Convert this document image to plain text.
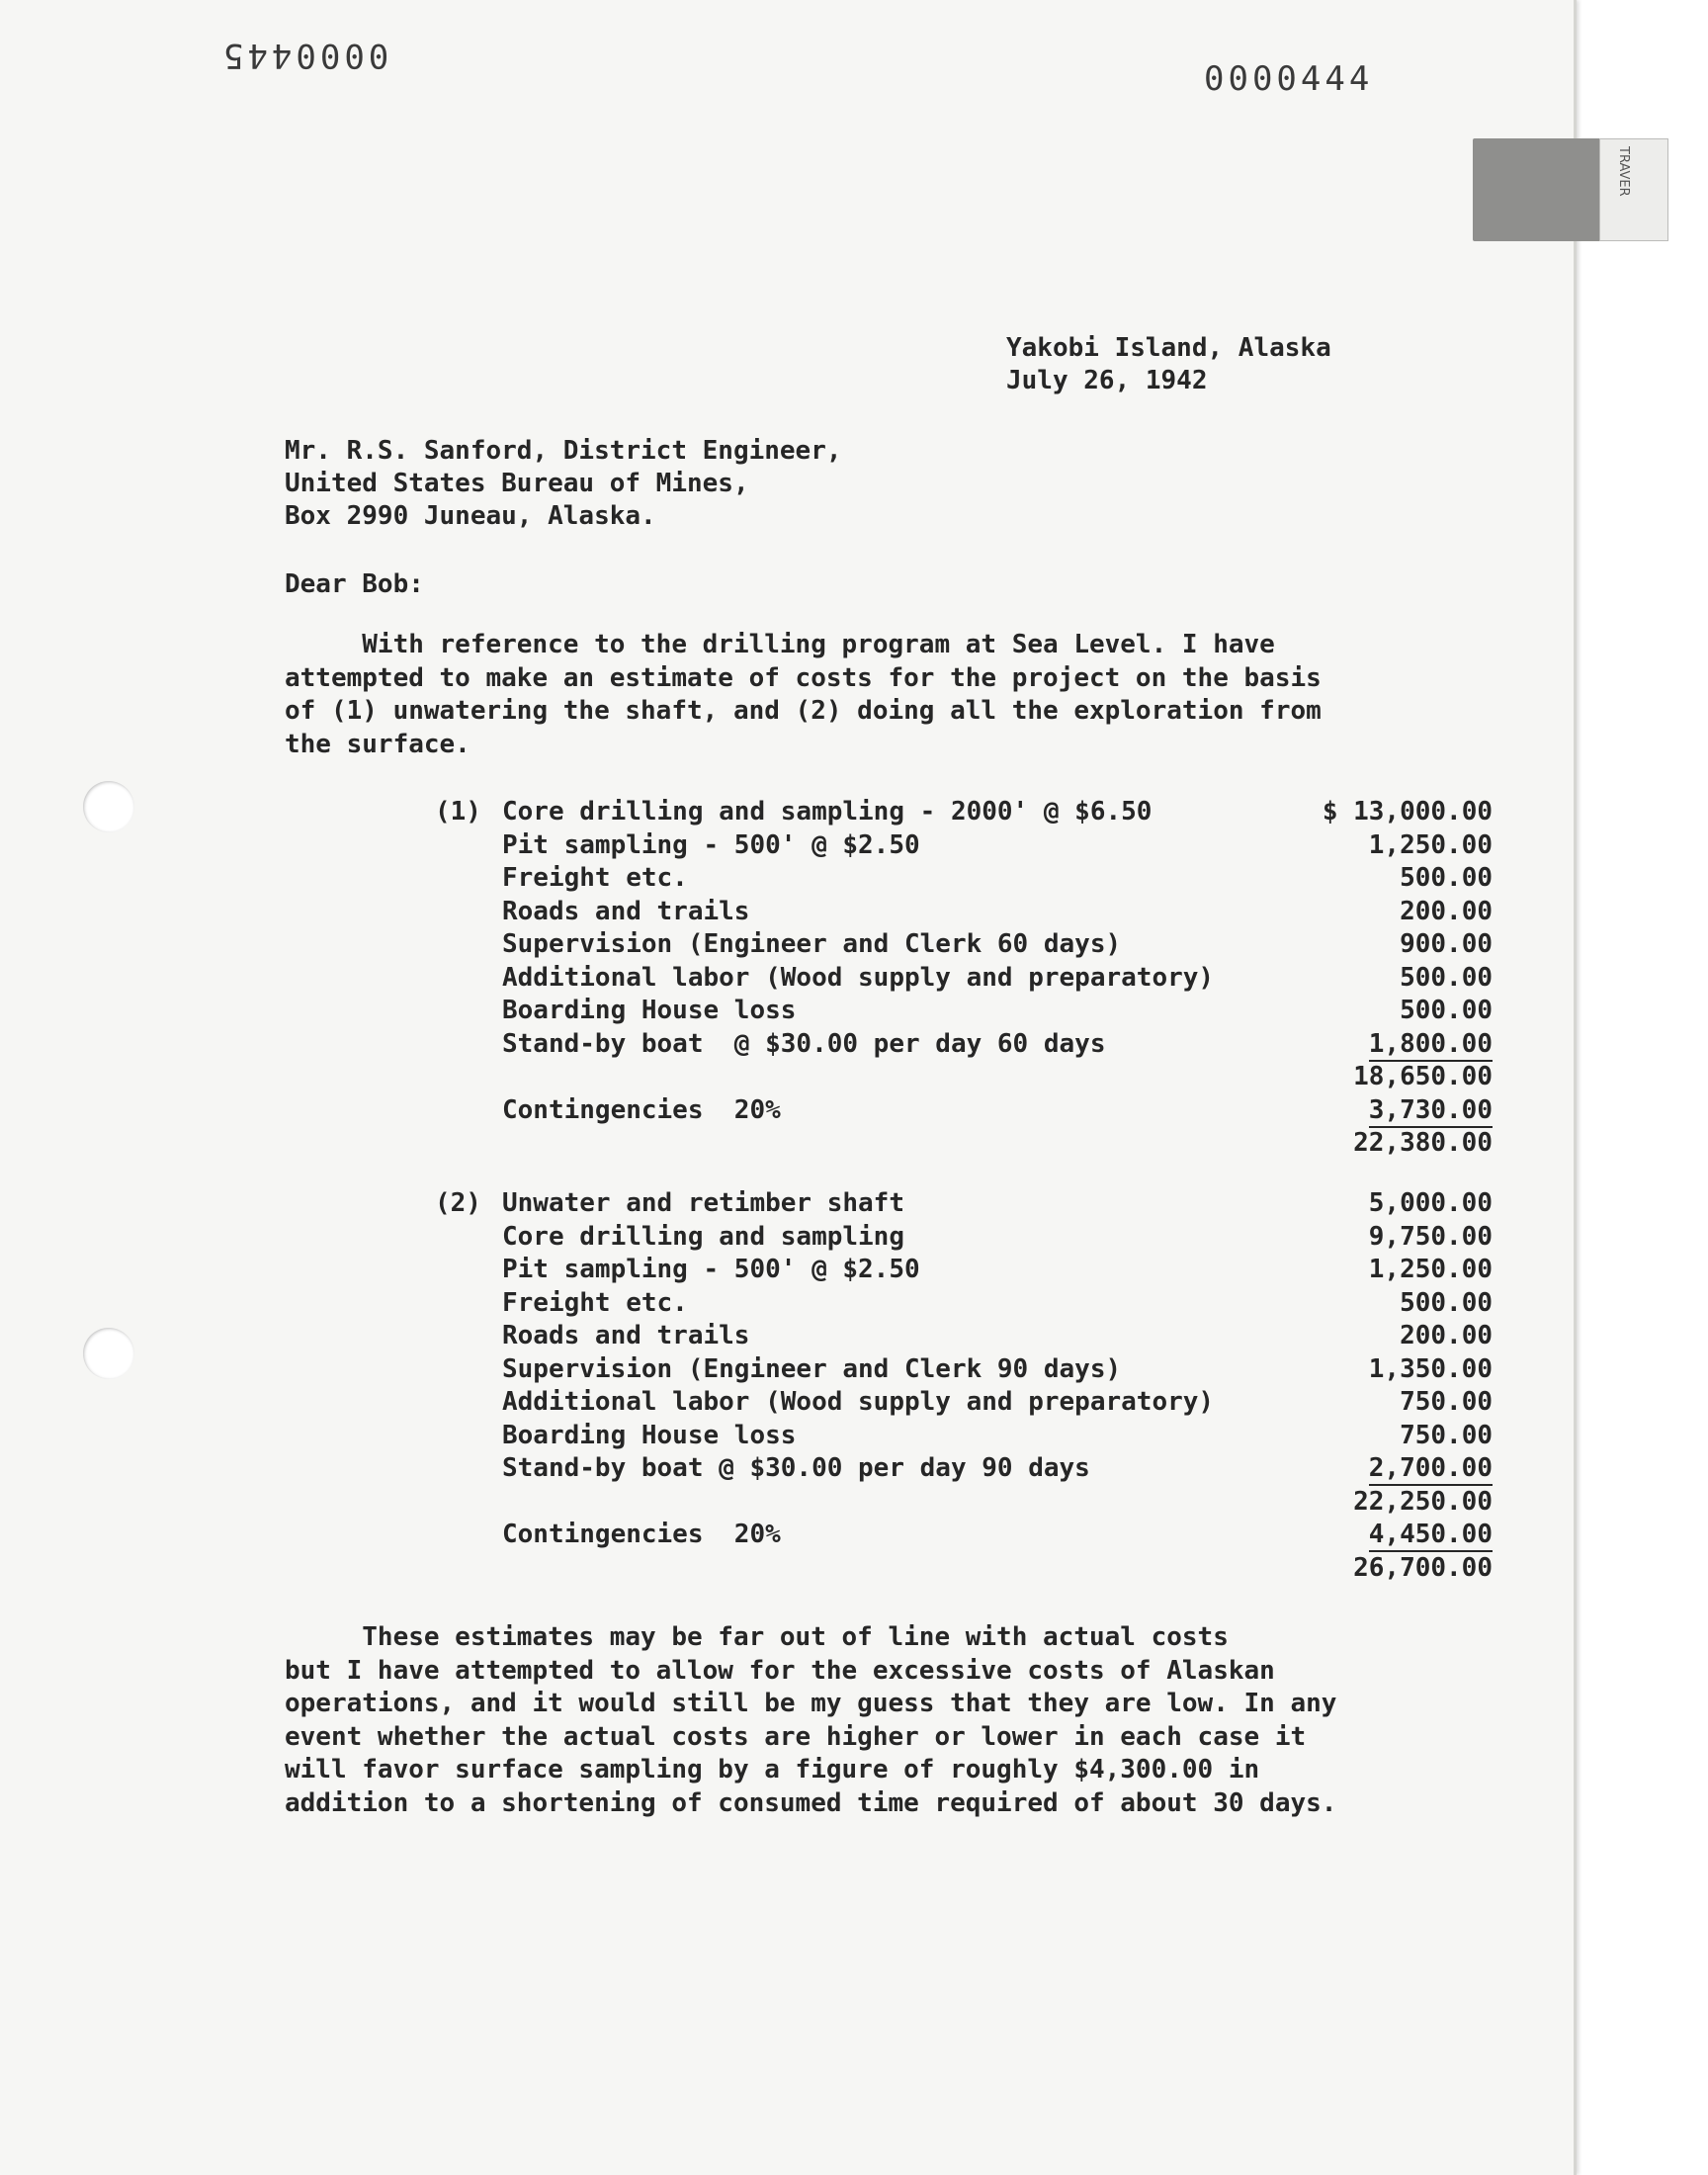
0000445
0000444
TRAVER
Yakobi Island, Alaska
July 26, 1942
Mr. R.S. Sanford, District Engineer,
United States Bureau of Mines,
Box 2990 Juneau, Alaska.
Dear Bob:
With reference to the drilling program at Sea Level. I have
attempted to make an estimate of costs for the project on the basis
of (1) unwatering the shaft, and (2) doing all the exploration from
the surface.
(1) Core drilling and sampling - 2000' @ $6.50	$ 13,000.00
Pit sampling - 500' @ $2.50	1,250.00
Freight etc.	500.00
Roads and trails	200.00
Supervision (Engineer and Clerk 60 days)	900.00
Additional labor (Wood supply and preparatory)	500.00
Boarding House loss	500.00
Stand-by boat  @ $30.00 per day 60 days	1,800.00
18,650.00
Contingencies  20%	3,730.00
22,380.00
(2) Unwater and retimber shaft	5,000.00
Core drilling and sampling	9,750.00
Pit sampling - 500' @ $2.50	1,250.00
Freight etc.	500.00
Roads and trails	200.00
Supervision (Engineer and Clerk 90 days)	1,350.00
Additional labor (Wood supply and preparatory)	750.00
Boarding House loss	750.00
Stand-by boat @ $30.00 per day 90 days	2,700.00
22,250.00
Contingencies  20%	4,450.00
26,700.00
These estimates may be far out of line with actual costs
but I have attempted to allow for the excessive costs of Alaskan
operations, and it would still be my guess that they are low. In any
event whether the actual costs are higher or lower in each case it
will favor surface sampling by a figure of roughly $4,300.00 in
addition to a shortening of consumed time required of about 30 days.
